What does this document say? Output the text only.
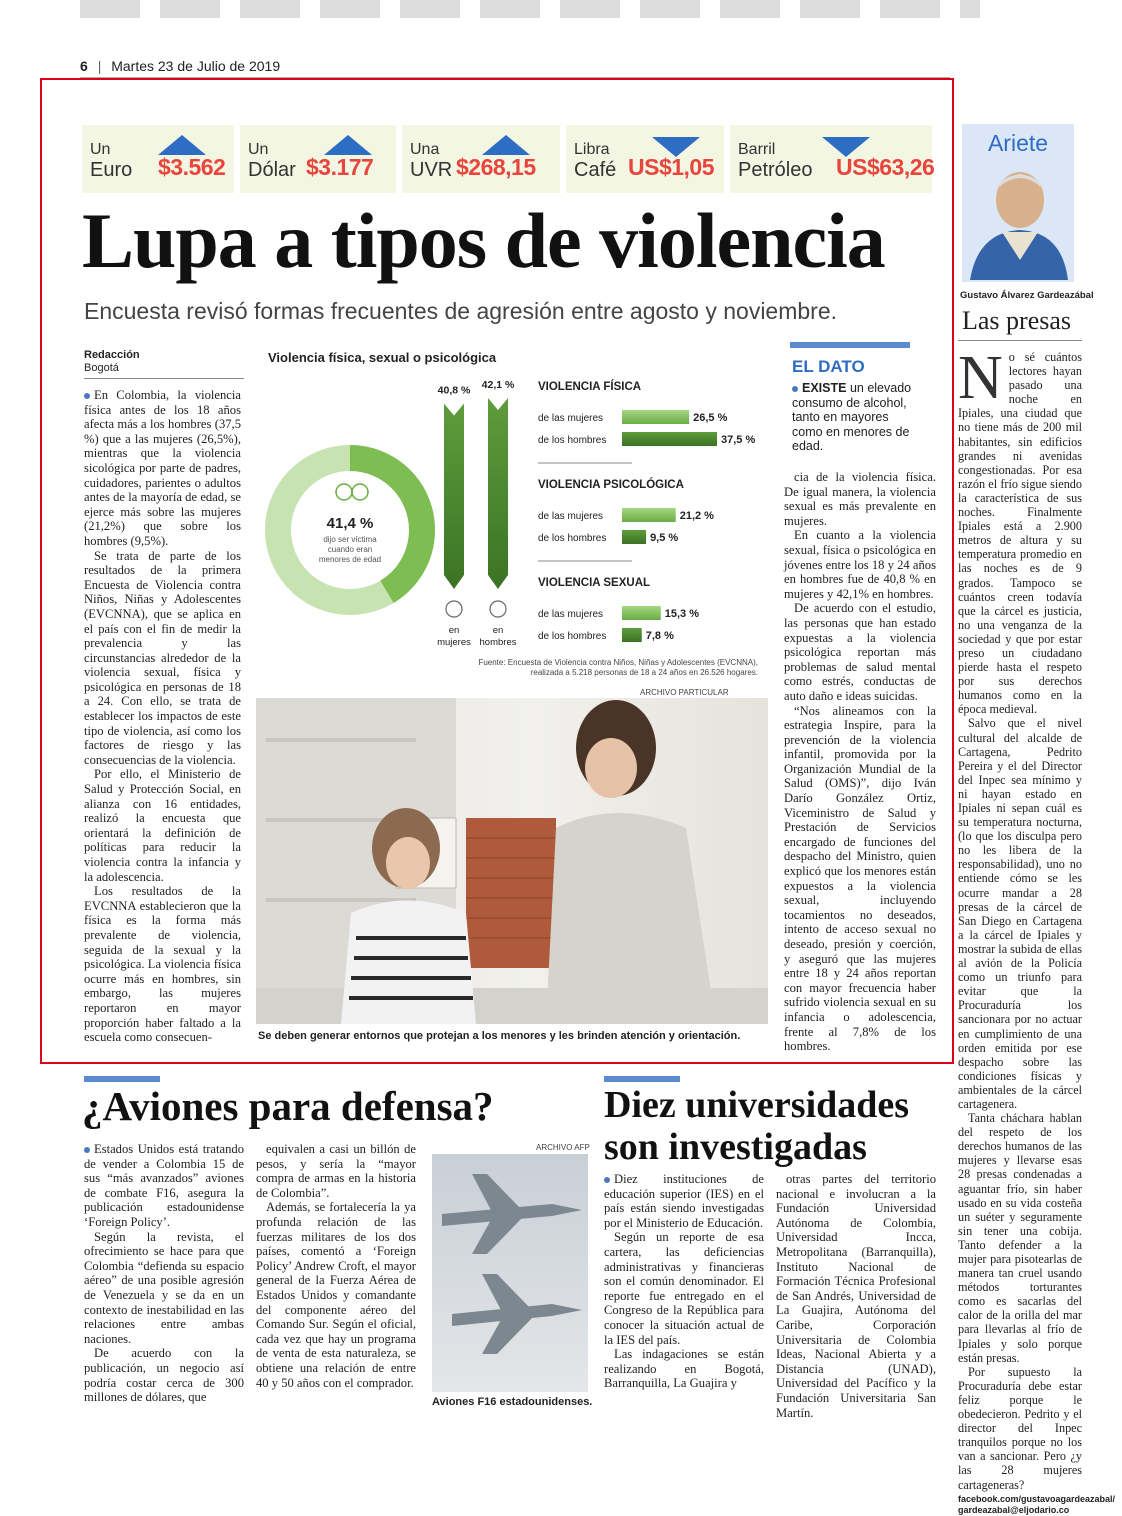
6 | Martes 23 de Julio de 2019
Un
Euro $3.562
Un
Dólar $3.177
Una
UVR $268,15
Libra
Café US$1,05
Barril
Petróleo US$63,26
Lupa a tipos de violencia
Encuesta revisó formas frecuentes de agresión entre agosto y noviembre.
Redacción
Bogotá

En Colombia, la violencia física antes de los 18 años afecta más a los hombres (37,5 %) que a las mujeres (26,5%), mientras que la violencia sicológica por parte de padres, cuidadores, parientes o adultos antes de la mayoría de edad, se ejerce más sobre las mujeres (21,2%) que sobre los hombres (9,5%).

Se trata de parte de los resultados de la primera Encuesta de Violencia contra Niños, Niñas y Adolescentes (EVCNNA), que se aplica en el país con el fin de medir la prevalencia y las circunstancias alrededor de la violencia sexual, física y psicológica en personas de 18 a 24. Con ello, se trata de establecer los impactos de este tipo de violencia, así como los factores de riesgo y las consecuencias de la violencia.

Por ello, el Ministerio de Salud y Protección Social, en alianza con 16 entidades, realizó la encuesta que orientará la definición de políticas para reducir la violencia contra la infancia y la adolescencia.

Los resultados de la EVCNNA establecieron que la física es la forma más prevalente de violencia, seguida de la sexual y la psicológica. La violencia física ocurre más en hombres, sin embargo, las mujeres reportaron en mayor proporción haber faltado a la escuela como consecuen-

Violencia física, sexual o psicológica
41,4 %
dijo ser víctima
cuando eran
menores de edad
40,8 %
en
mujeres
42,1 %
en
hombres
VIOLENCIA FÍSICA
de las mujeres	26,5 %
de los hombres	37,5 %
VIOLENCIA PSICOLÓGICA
de las mujeres	21,2 %
de los hombres	9,5 %
VIOLENCIA SEXUAL
de las mujeres	15,3 %
de los hombres	7,8 %
Fuente: Encuesta de Violencia contra Niños, Niñas y Adolescentes (EVCNNA),
realizada a 5.218 personas de 18 a 24 años en 26.526 hogares.
EL DATO
EXISTE un elevado consumo de alcohol, tanto en mayores como en menores de edad.

cia de la violencia física. De igual manera, la violencia sexual es más prevalente en mujeres.

En cuanto a la violencia sexual, física o psicológica en jóvenes entre los 18 y 24 años en hombres fue de 40,8 % en mujeres y 42,1% en hombres.

De acuerdo con el estudio, las personas que han estado expuestas a la violencia psicológica reportan más problemas de salud mental como estrés, conductas de auto daño e ideas suicidas.

“Nos alineamos con la estrategia Inspire, para la prevención de la violencia infantil, promovida por la Organización Mundial de la Salud (OMS)”, dijo Iván Darío González Ortiz, Viceministro de Salud y Prestación de Servicios encargado de funciones del despacho del Ministro, quien explicó que los menores están expuestos a la violencia sexual, incluyendo tocamientos no deseados, intento de acceso sexual no deseado, presión y coerción, y aseguró que las mujeres entre 18 y 24 años reportan con mayor frecuencia haber sufrido violencia sexual en su infancia o adolescencia, frente al 7,8% de los hombres.

ARCHIVO PARTICULAR
Se deben generar entornos que protejan a los menores y les brinden atención y orientación.
Ariete
Gustavo Álvarez Gardeazábal
Las presas

No sé cuántos lectores hayan pasado una noche en Ipiales, una ciudad que no tiene más de 200 mil habitantes, sin edificios grandes ni avenidas congestionadas. Por esa razón el frío sigue siendo la característica de sus noches. Finalmente Ipiales está a 2.900 metros de altura y su temperatura promedio en las noches es de 9 grados. Tampoco se cuántos creen todavía que la cárcel es justicia, no una venganza de la sociedad y que por estar preso un ciudadano pierde hasta el respeto por sus derechos humanos como en la época medieval.

Salvo que el nivel cultural del alcalde de Cartagena, Pedrito Pereira y el del Director del Inpec sea mínimo y ni hayan estado en Ipiales ni sepan cuál es su temperatura nocturna, (lo que los disculpa pero no les libera de la responsabilidad), uno no entiende cómo se les ocurre mandar a 28 presas de la cárcel de San Diego en Cartagena a la cárcel de Ipiales y mostrar la subida de ellas al avión de la Policía como un triunfo para evitar que la Procuraduría los sancionara por no actuar en cumplimiento de una orden emitida por ese despacho sobre las condiciones físicas y ambientales de la cárcel cartagenera.

Tanta cháchara hablan del respeto de los derechos humanos de las mujeres y llevarse esas 28 presas condenadas a aguantar frío, sin haber usado en su vida costeña un suéter y seguramente sin tener una cobija. Tanto defender a la mujer para pisotearlas de manera tan cruel usando métodos torturantes como es sacarlas del calor de la orilla del mar para llevarlas al frío de Ipiales y solo porque están presas.

Por supuesto la Procuraduría debe estar feliz porque le obedecieron. Pedrito y el director del Inpec tranquilos porque no los van a sancionar. Pero ¿y las 28 mujeres cartageneras?

facebook.com/gustavoagardeazabal/ gardeazabal@eljodario.co

¿Aviones para defensa?

Estados Unidos está tratando de vender a Colombia 15 de sus “más avanzados” aviones de combate F16, asegura la publicación estadounidense ‘Foreign Policy’.

Según la revista, el ofrecimiento se hace para que Colombia “defienda su espacio aéreo” de una posible agresión de Venezuela y se da en un contexto de inestabilidad en las relaciones entre ambas naciones.

De acuerdo con la publicación, un negocio así podría costar cerca de 300 millones de dólares, que

equivalen a casi un billón de pesos, y sería la “mayor compra de armas en la historia de Colombia”.

Además, se fortalecería la ya profunda relación de las fuerzas militares de los dos países, comentó a ‘Foreign Policy’ Andrew Croft, el mayor general de la Fuerza Aérea de Estados Unidos y comandante del componente aéreo del Comando Sur. Según el oficial, cada vez que hay un programa de venta de esta naturaleza, se obtiene una relación de entre 40 y 50 años con el comprador.

ARCHIVO AFP
Aviones F16 estadounidenses.
Diez universidades
son investigadas

Diez instituciones de educación superior (IES) en el país están siendo investigadas por el Ministerio de Educación.

Según un reporte de esa cartera, las deficiencias administrativas y financieras son el común denominador. El reporte fue entregado en el Congreso de la República para conocer la situación actual de la IES del país.

Las indagaciones se están realizando en Bogotá, Barranquilla, La Guajira y

otras partes del territorio nacional e involucran a la Fundación Universidad Autónoma de Colombia, Universidad Incca, Metropolitana (Barranquilla), Instituto Nacional de Formación Técnica Profesional de San Andrés, Universidad de La Guajira, Autónoma del Caribe, Corporación Universitaria de Colombia Ideas, Nacional Abierta y a Distancia (UNAD), Universidad del Pacífico y la Fundación Universitaria San Martín.
